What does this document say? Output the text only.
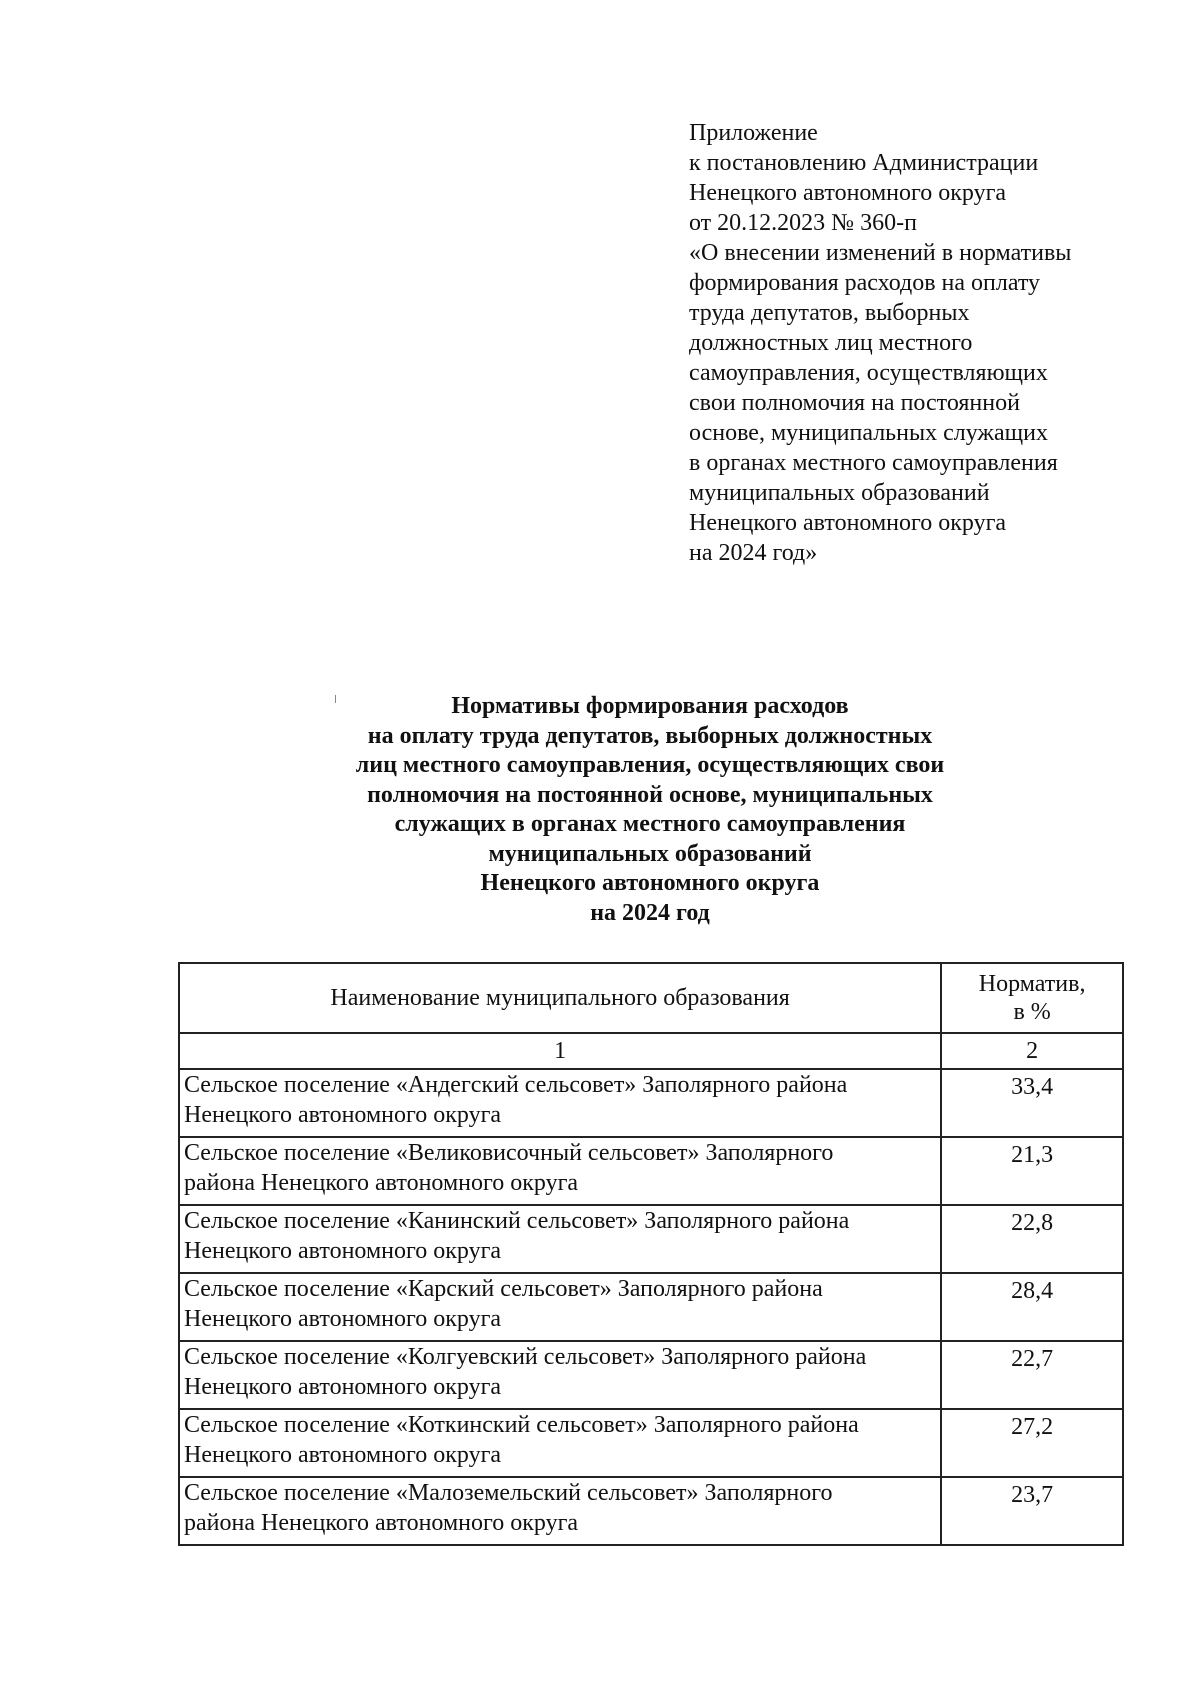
Приложение
к постановлению Администрации
Ненецкого автономного округа
от 20.12.2023 № 360-п
«О внесении изменений в нормативы
формирования расходов на оплату
труда депутатов, выборных
должностных лиц местного
самоуправления, осуществляющих
свои полномочия на постоянной
основе, муниципальных служащих
в органах местного самоуправления
муниципальных образований
Ненецкого автономного округа
на 2024 год»
Нормативы формирования расходов
на оплату труда депутатов, выборных должностных
лиц местного самоуправления, осуществляющих свои
полномочия на постоянной основе, муниципальных
служащих в органах местного самоуправления
муниципальных образований
Ненецкого автономного округа
на 2024 год
Наименование муниципального образования	Норматив,
в %

1	2

Сельское поселение «Андегский сельсовет» Заполярного района
Ненецкого автономного округа	33,4

Сельское поселение «Великовисочный сельсовет» Заполярного
района Ненецкого автономного округа	21,3

Сельское поселение «Канинский сельсовет» Заполярного района
Ненецкого автономного округа	22,8

Сельское поселение «Карский сельсовет» Заполярного района
Ненецкого автономного округа	28,4

Сельское поселение «Колгуевский сельсовет» Заполярного района
Ненецкого автономного округа	22,7

Сельское поселение «Коткинский сельсовет» Заполярного района
Ненецкого автономного округа	27,2

Сельское поселение «Малоземельский сельсовет» Заполярного
района Ненецкого автономного округа	23,7
